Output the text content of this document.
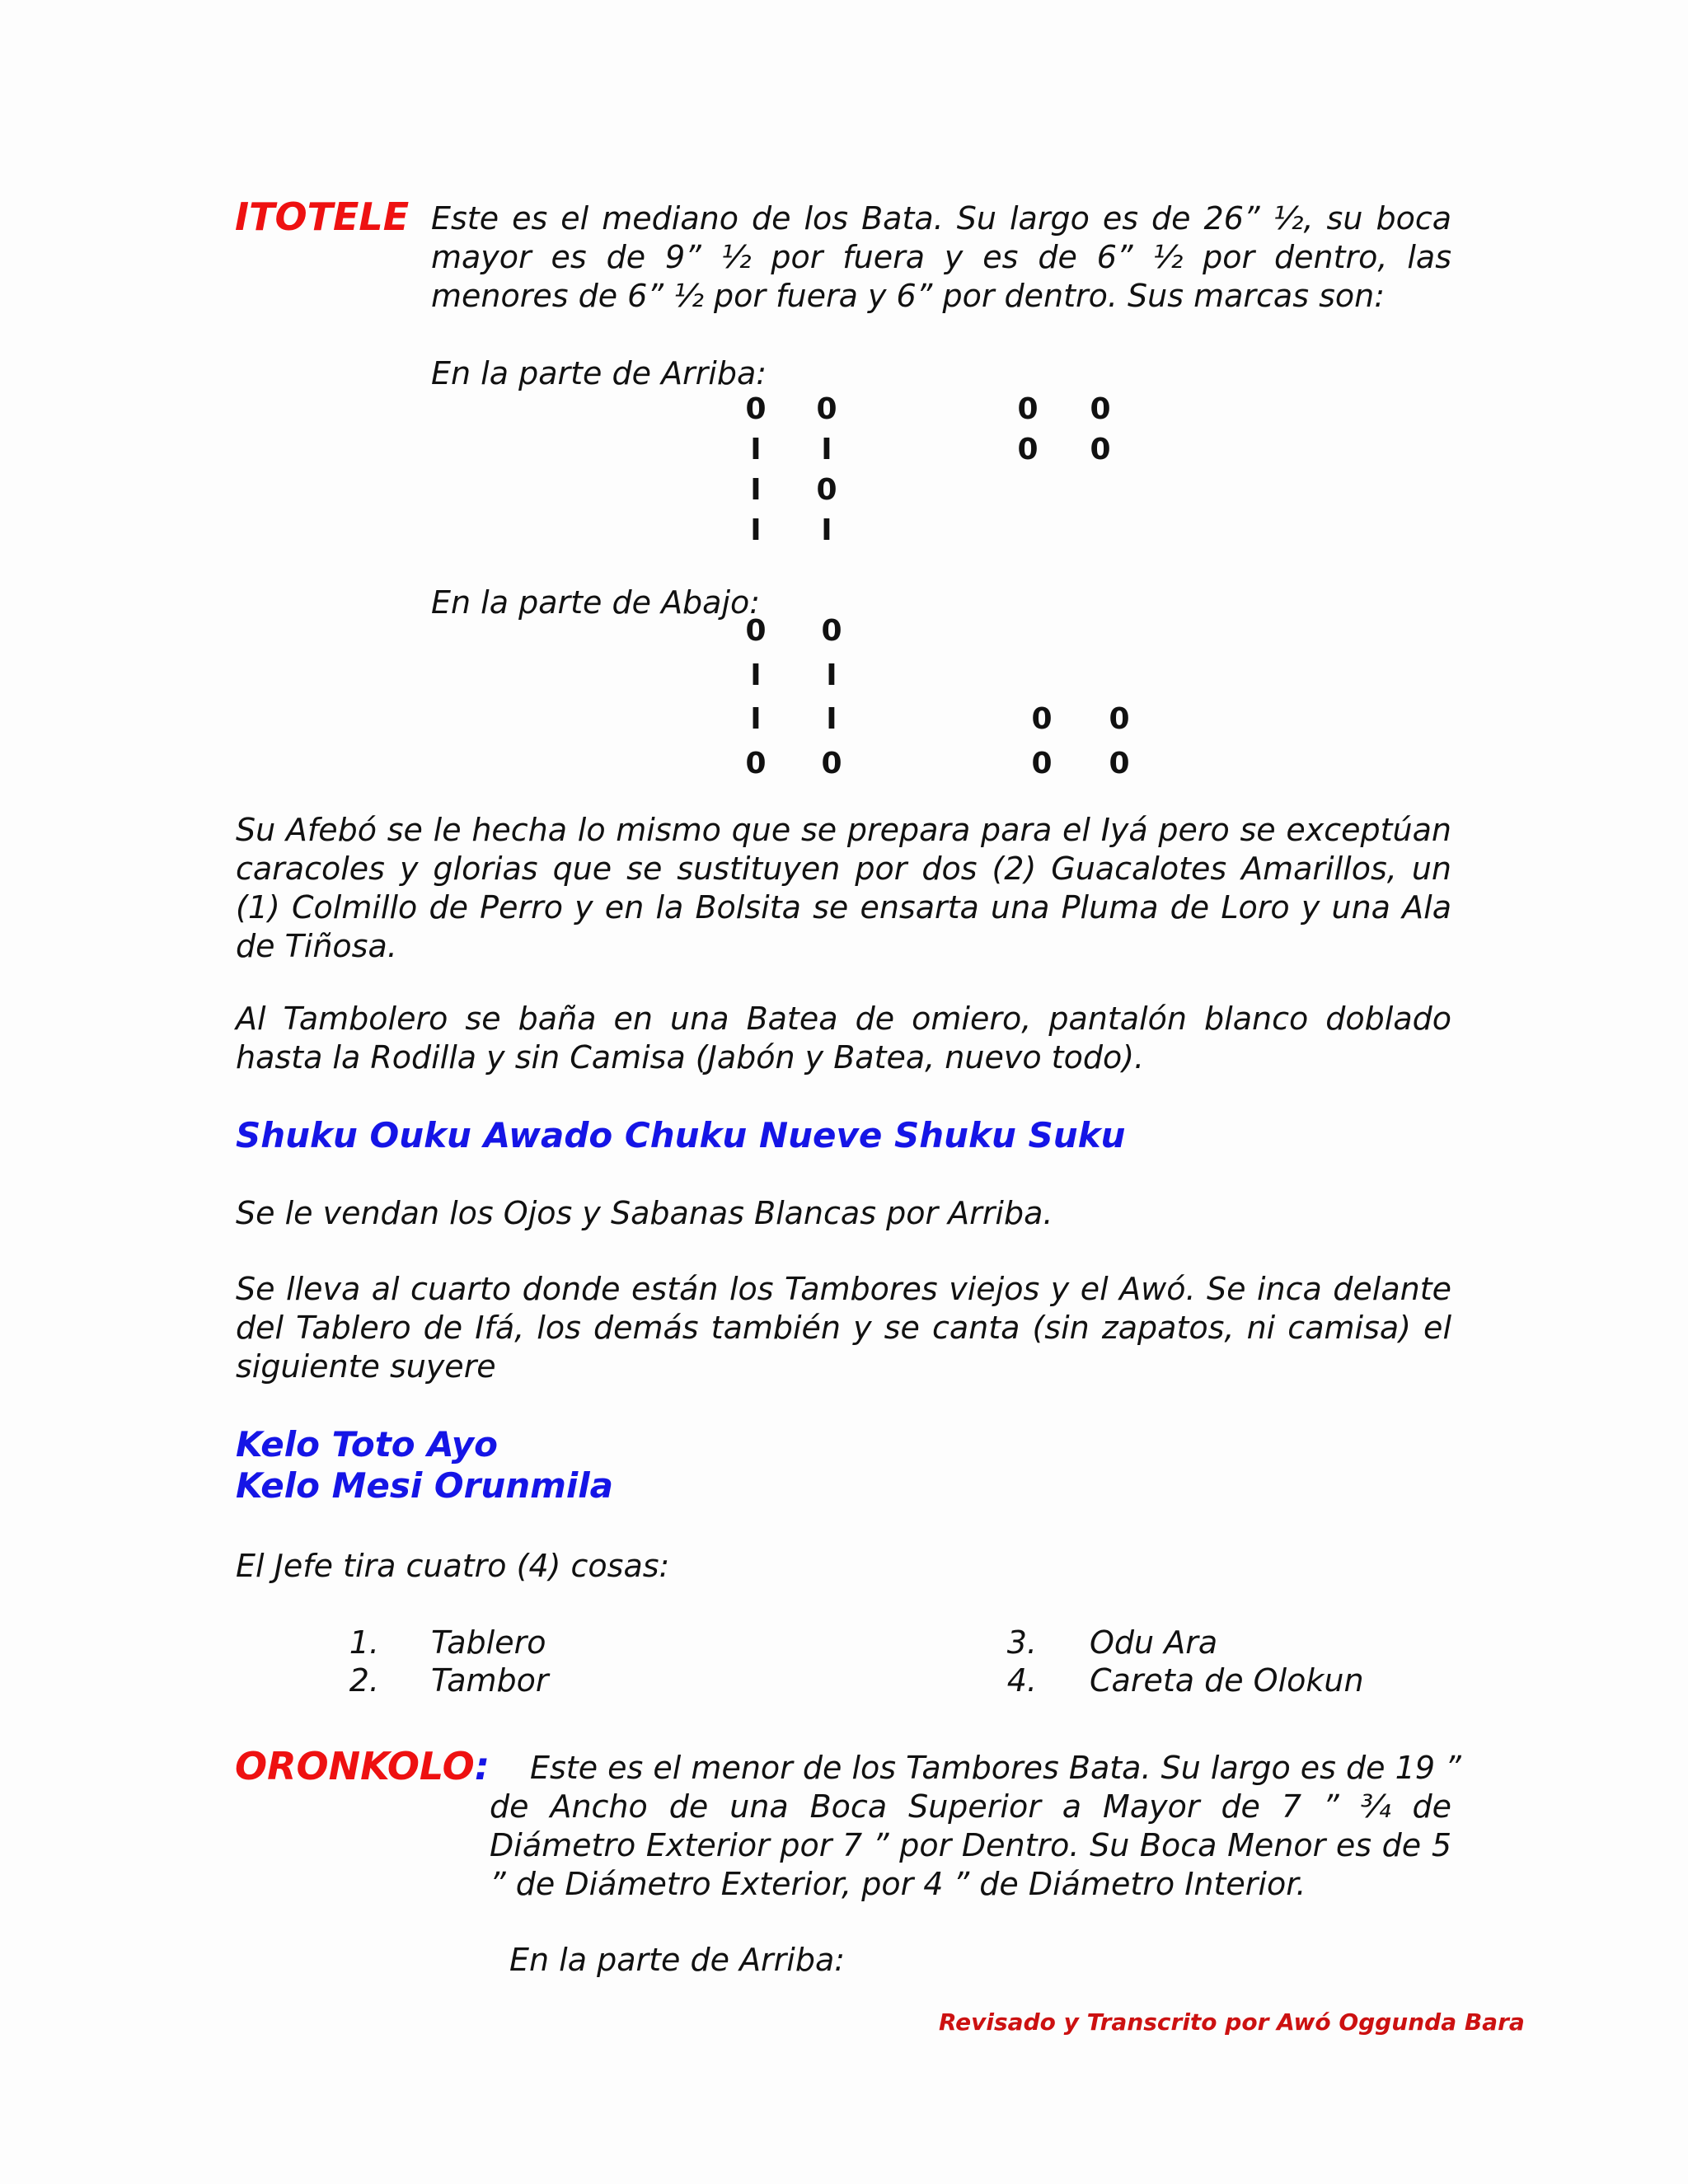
ITOTELE Este es el mediano de los Bata. Su largo es de 26” ½, su boca mayor es de 9” ½ por fuera y es de 6” ½ por dentro, las menores de 6” ½ por fuera y 6” por dentro. Sus marcas son:
En la parte de Arriba:
0 0	0 0
I	I	0 0
I	0
I	I
En la parte de Abajo:
0 0
I	I
I	I	0 0
0 0	0 0
Su Afebó se le hecha lo mismo que se prepara para el Iyá pero se exceptúan caracoles y glorias que se sustituyen por dos (2) Guacalotes Amarillos, un (1) Colmillo de Perro y en la Bolsita se ensarta una Pluma de Loro y una Ala de Tiñosa.
Al Tambolero se baña en una Batea de omiero, pantalón blanco doblado hasta la Rodilla y sin Camisa (Jabón y Batea, nuevo todo).
Shuku Ouku Awado Chuku Nueve Shuku Suku
Se le vendan los Ojos y Sabanas Blancas por Arriba.
Se lleva al cuarto donde están los Tambores viejos y el Awó. Se inca delante del Tablero de Ifá, los demás también y se canta (sin zapatos, ni camisa) el siguiente suyere
Kelo Toto Ayo
Kelo Mesi Orunmila
El Jefe tira cuatro (4) cosas:
1. Tablero
2. Tambor
3. Odu Ara
4. Careta de Olokun
ORONKOLO: Este es el menor de los Tambores Bata. Su largo es de 19 ”
de Ancho de una Boca Superior a Mayor de 7 ” ¾ de Diámetro Exterior por 7 ” por Dentro. Su Boca Menor es de 5 ” de Diámetro Exterior, por 4 ” de Diámetro Interior.
En la parte de Arriba:
Revisado y Transcrito por Awó Oggunda Bara
